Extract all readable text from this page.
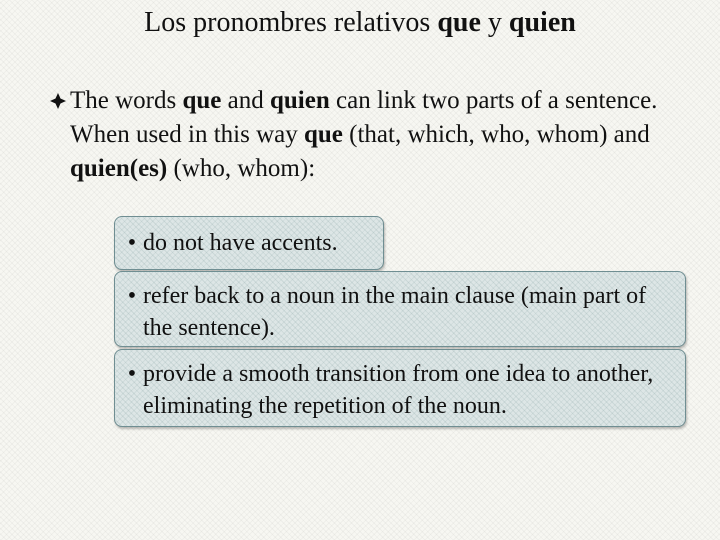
Los pronombres relativos que y quien
The words que and quien can link two parts of a sentence. When used in this way que (that, which, who, whom) and quien(es) (who, whom):
• do not have accents.
• refer back to a noun in the main clause (main part of the sentence).
• provide a smooth transition from one idea to another, eliminating the repetition of the noun.
